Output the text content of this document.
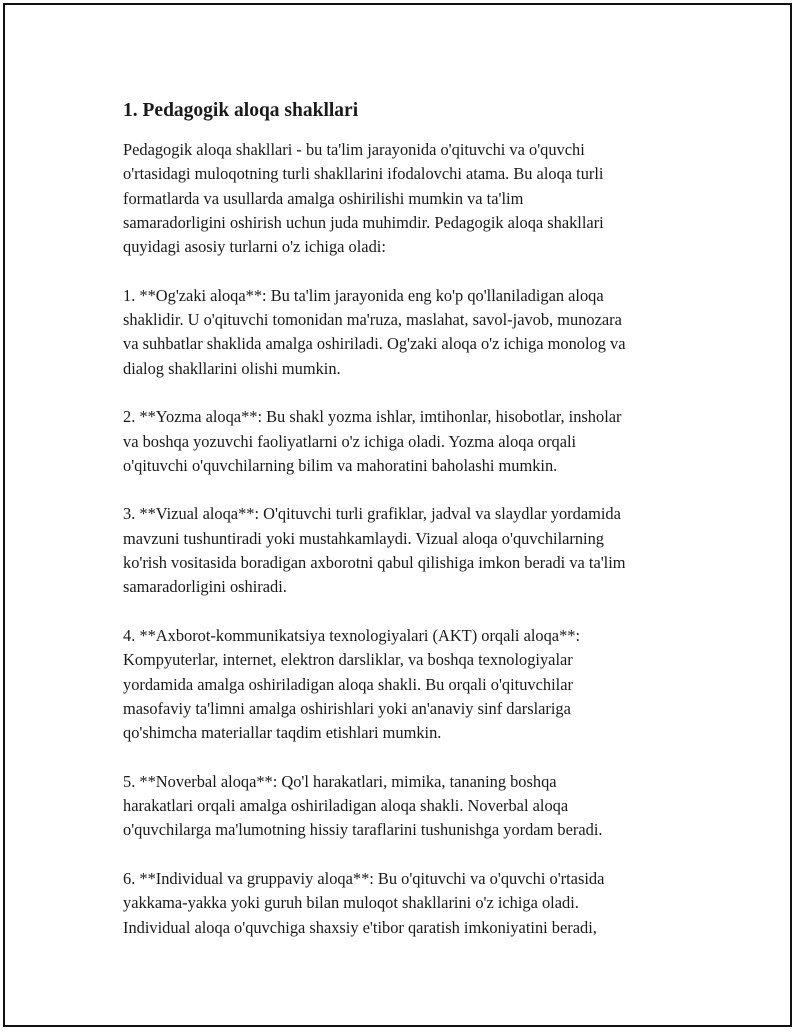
1. Pedagogik aloqa shakllari

Pedagogik aloqa shakllari - bu ta'lim jarayonida o'qituvchi va o'quvchi
o'rtasidagi muloqotning turli shakllarini ifodalovchi atama. Bu aloqa turli
formatlarda va usullarda amalga oshirilishi mumkin va ta'lim
samaradorligini oshirish uchun juda muhimdir. Pedagogik aloqa shakllari
quyidagi asosiy turlarni o'z ichiga oladi:

1. **Og'zaki aloqa**: Bu ta'lim jarayonida eng ko'p qo'llaniladigan aloqa
shaklidir. U o'qituvchi tomonidan ma'ruza, maslahat, savol-javob, munozara
va suhbatlar shaklida amalga oshiriladi. Og'zaki aloqa o'z ichiga monolog va
dialog shakllarini olishi mumkin.

2. **Yozma aloqa**: Bu shakl yozma ishlar, imtihonlar, hisobotlar, insholar
va boshqa yozuvchi faoliyatlarni o'z ichiga oladi. Yozma aloqa orqali
o'qituvchi o'quvchilarning bilim va mahoratini baholashi mumkin.

3. **Vizual aloqa**: O'qituvchi turli grafiklar, jadval va slaydlar yordamida
mavzuni tushuntiradi yoki mustahkamlaydi. Vizual aloqa o'quvchilarning
ko'rish vositasida boradigan axborotni qabul qilishiga imkon beradi va ta'lim
samaradorligini oshiradi.

4. **Axborot-kommunikatsiya texnologiyalari (AKT) orqali aloqa**:
Kompyuterlar, internet, elektron darsliklar, va boshqa texnologiyalar
yordamida amalga oshiriladigan aloqa shakli. Bu orqali o'qituvchilar
masofaviy ta'limni amalga oshirishlari yoki an'anaviy sinf darslariga
qo'shimcha materiallar taqdim etishlari mumkin.

5. **Noverbal aloqa**: Qo'l harakatlari, mimika, tananing boshqa
harakatlari orqali amalga oshiriladigan aloqa shakli. Noverbal aloqa
o'quvchilarga ma'lumotning hissiy taraflarini tushunishga yordam beradi.

6. **Individual va gruppaviy aloqa**: Bu o'qituvchi va o'quvchi o'rtasida
yakkama-yakka yoki guruh bilan muloqot shakllarini o'z ichiga oladi.
Individual aloqa o'quvchiga shaxsiy e'tibor qaratish imkoniyatini beradi,
